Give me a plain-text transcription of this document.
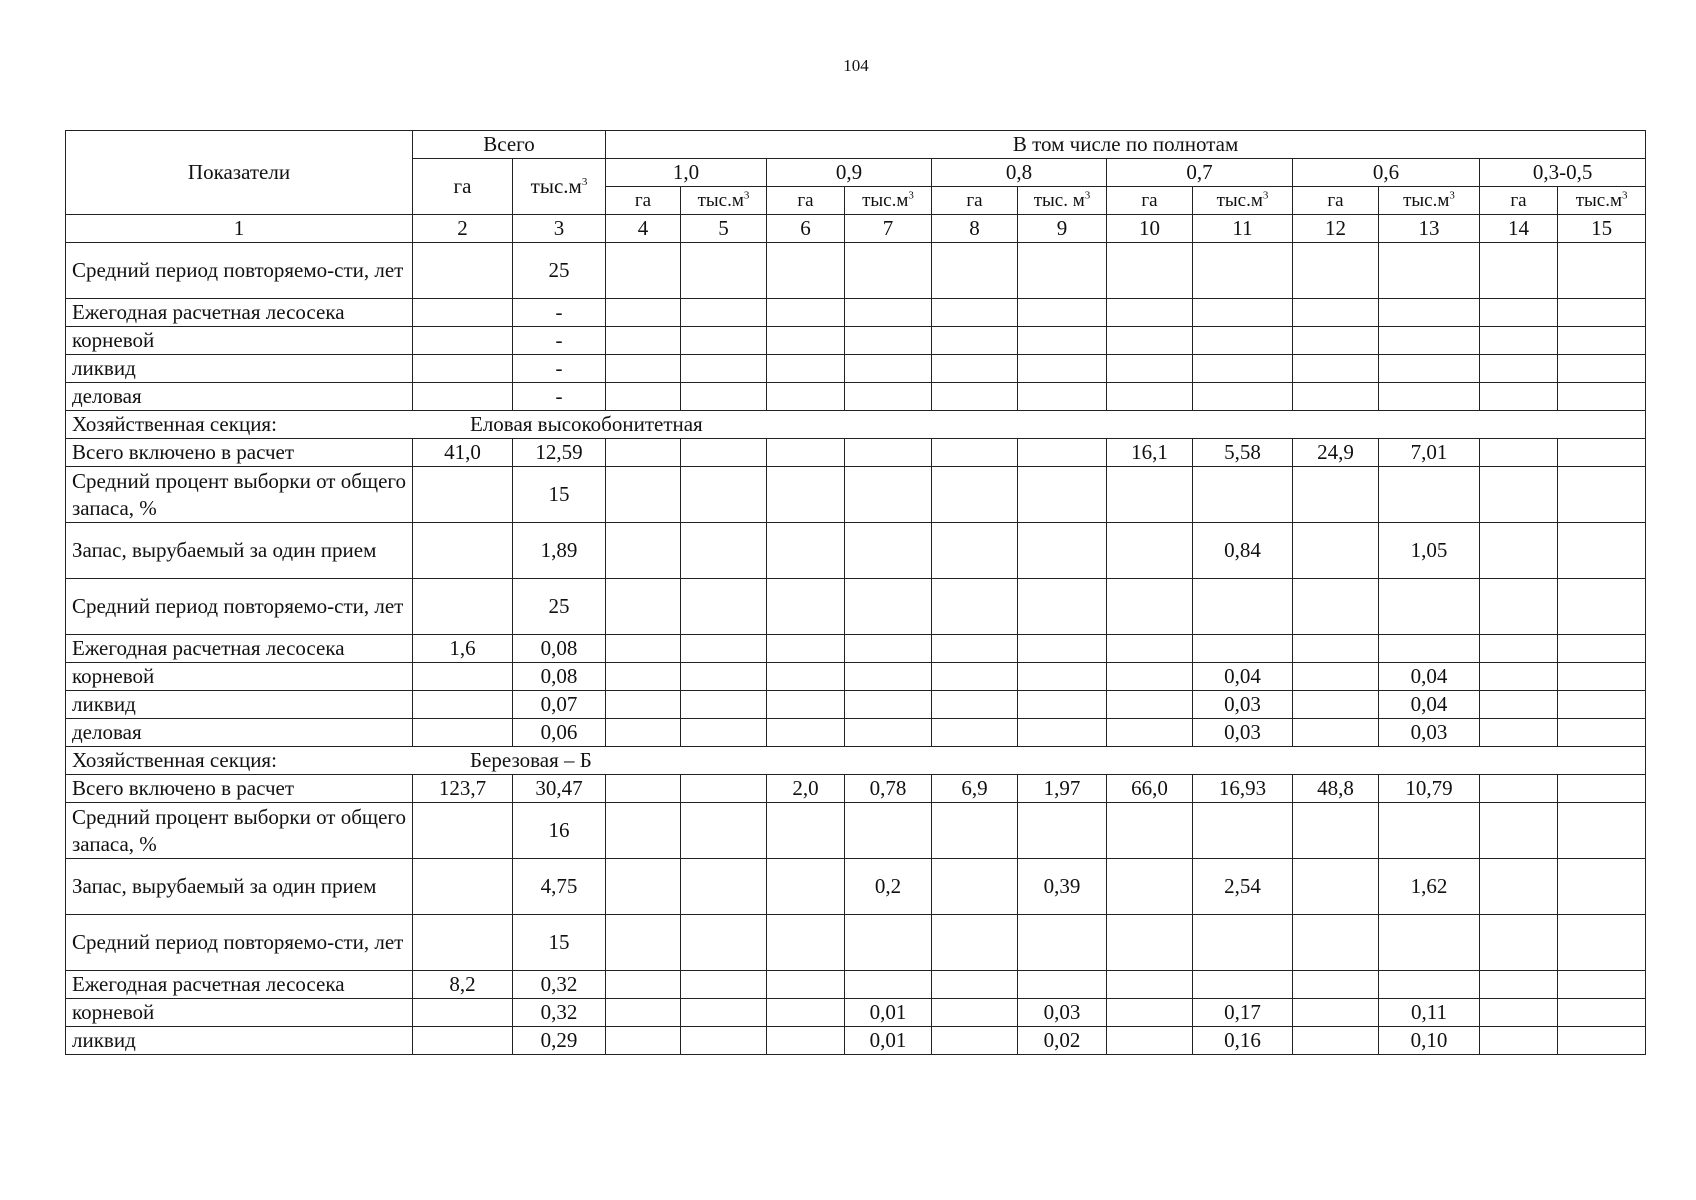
104
Показатели	Всего		В том числе по полнотам											
	га	$тыс.м^3$	1,0		0,9		0,8		0,7		0,6		0,3-0,5	
			га	$тыс.м^3$	га	$тыс.м^3$	га	тыс. $м^3$	га	$тыс.м^3$	га	$тыс.м^3$	га	$тыс.м^3$
1	2	3	4	5	6	7	8	9	10	11	12	13	14	15
Средний период повторяемо-сти, лет		25												
Ежегодная расчетная лесосека		-												
корневой		-												
ликвид		-												
деловая		-												
Хозяйственная секция: Еловая высокобонитетная														
Всего включено в расчет	41,0	12,59							16,1	5,58	24,9	7,01		
Средний процент выборки от общего запаса, %		15												
Запас, вырубаемый за один прием		1,89								0,84		1,05		
Средний период повторяемо-сти, лет		25												
Ежегодная расчетная лесосека	1,6	0,08												
корневой		0,08								0,04		0,04		
ликвид		0,07								0,03		0,04		
деловая		0,06								0,03		0,03		
Хозяйственная секция: Березовая – Б														
Всего включено в расчет	123,7	30,47			2,0	0,78	6,9	1,97	66,0	16,93	48,8	10,79		
Средний процент выборки от общего запаса, %		16												
Запас, вырубаемый за один прием		4,75				0,2		0,39		2,54		1,62		
Средний период повторяемо-сти, лет		15												
Ежегодная расчетная лесосека	8,2	0,32												
корневой		0,32				0,01		0,03		0,17		0,11		
ликвид		0,29				0,01		0,02		0,16		0,10		
